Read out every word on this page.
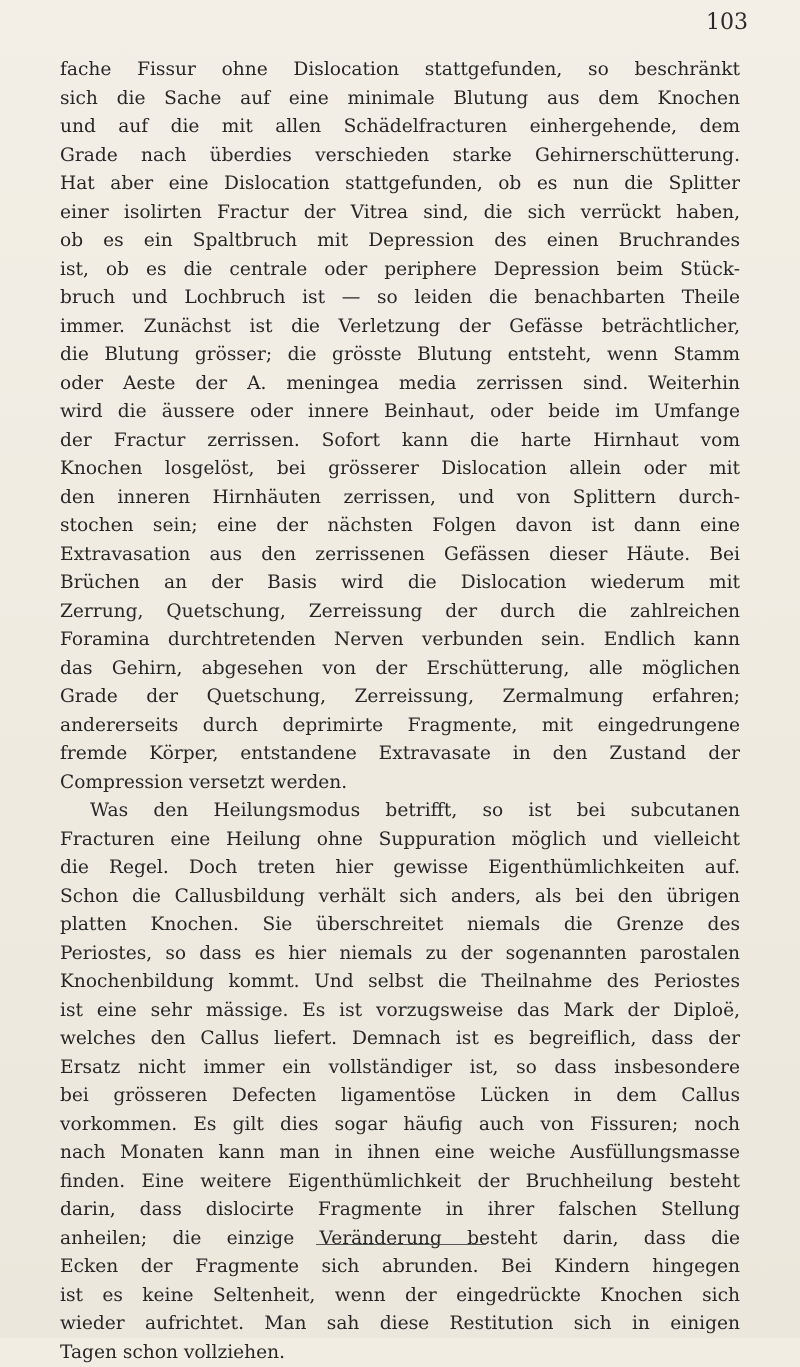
103
fache Fissur ohne Dislocation stattgefunden, so beschränkt
sich die Sache auf eine minimale Blutung aus dem Knochen
und auf die mit allen Schädelfracturen einhergehende, dem
Grade nach überdies verschieden starke Gehirnerschütterung.
Hat aber eine Dislocation stattgefunden, ob es nun die Splitter
einer isolirten Fractur der Vitrea sind, die sich verrückt haben,
ob es ein Spaltbruch mit Depression des einen Bruchrandes
ist, ob es die centrale oder periphere Depression beim Stück-
bruch und Lochbruch ist — so leiden die benachbarten Theile
immer. Zunächst ist die Verletzung der Gefässe beträchtlicher,
die Blutung grösser; die grösste Blutung entsteht, wenn Stamm
oder Aeste der A. meningea media zerrissen sind. Weiterhin
wird die äussere oder innere Beinhaut, oder beide im Umfange
der Fractur zerrissen. Sofort kann die harte Hirnhaut vom
Knochen losgelöst, bei grösserer Dislocation allein oder mit
den inneren Hirnhäuten zerrissen, und von Splittern durch-
stochen sein; eine der nächsten Folgen davon ist dann eine
Extravasation aus den zerrissenen Gefässen dieser Häute. Bei
Brüchen an der Basis wird die Dislocation wiederum mit
Zerrung, Quetschung, Zerreissung der durch die zahlreichen
Foramina durchtretenden Nerven verbunden sein. Endlich kann
das Gehirn, abgesehen von der Erschütterung, alle möglichen
Grade der Quetschung, Zerreissung, Zermalmung erfahren;
andererseits durch deprimirte Fragmente, mit eingedrungene
fremde Körper, entstandene Extravasate in den Zustand der
Compression versetzt werden.
Was den Heilungsmodus betrifft, so ist bei subcutanen
Fracturen eine Heilung ohne Suppuration möglich und vielleicht
die Regel. Doch treten hier gewisse Eigenthümlichkeiten auf.
Schon die Callusbildung verhält sich anders, als bei den übrigen
platten Knochen. Sie überschreitet niemals die Grenze des
Periostes, so dass es hier niemals zu der sogenannten parostalen
Knochenbildung kommt. Und selbst die Theilnahme des Periostes
ist eine sehr mässige. Es ist vorzugsweise das Mark der Diploë,
welches den Callus liefert. Demnach ist es begreiflich, dass der
Ersatz nicht immer ein vollständiger ist, so dass insbesondere
bei grösseren Defecten ligamentöse Lücken in dem Callus
vorkommen. Es gilt dies sogar häufig auch von Fissuren; noch
nach Monaten kann man in ihnen eine weiche Ausfüllungsmasse
finden. Eine weitere Eigenthümlichkeit der Bruchheilung besteht
darin, dass dislocirte Fragmente in ihrer falschen Stellung
anheilen; die einzige Veränderung besteht darin, dass die
Ecken der Fragmente sich abrunden. Bei Kindern hingegen
ist es keine Seltenheit, wenn der eingedrückte Knochen sich
wieder aufrichtet. Man sah diese Restitution sich in einigen
Tagen schon vollziehen.
